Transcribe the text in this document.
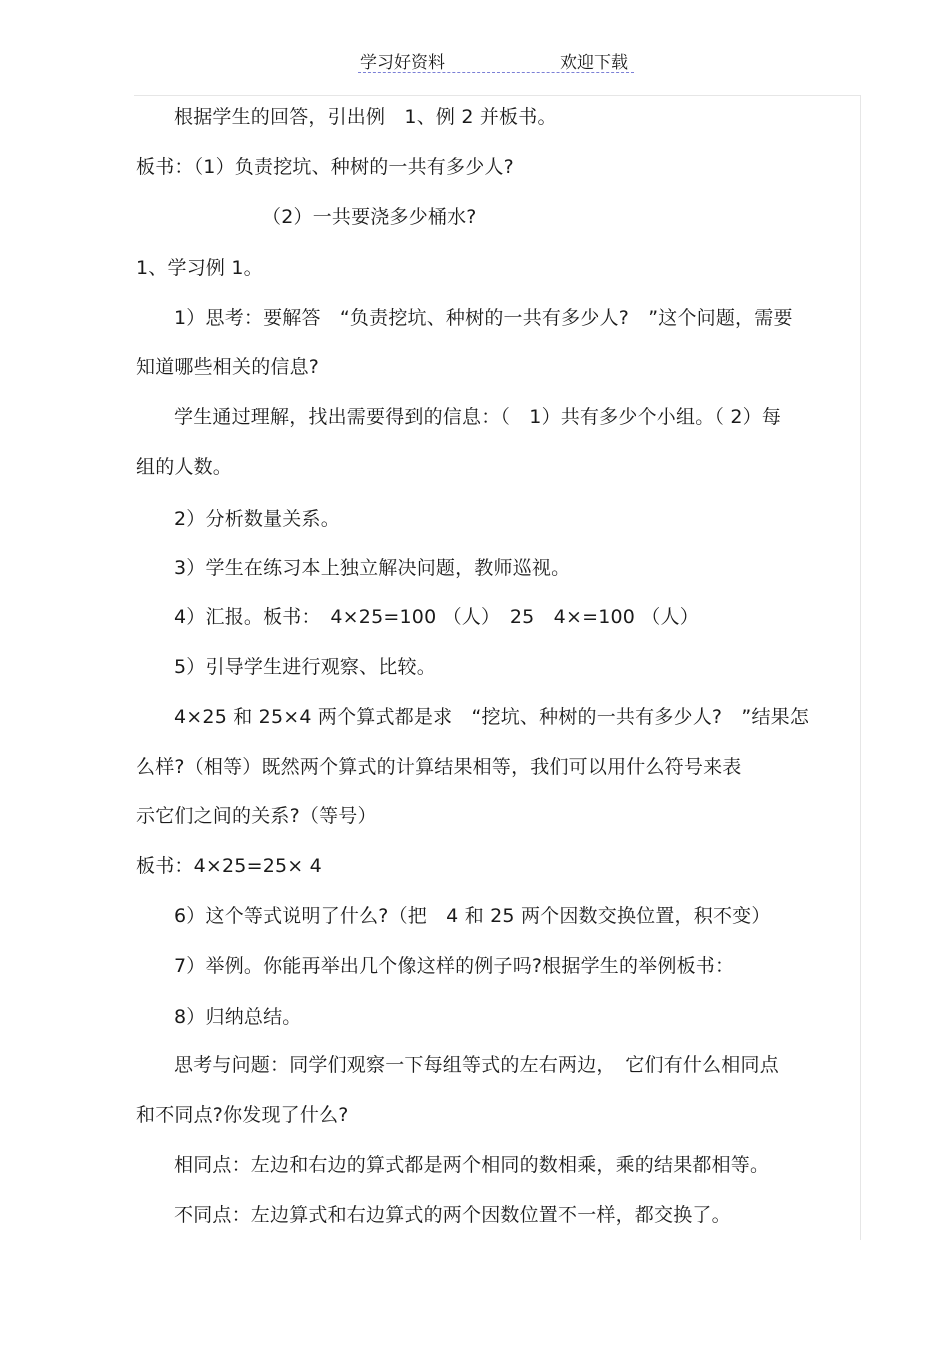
学习好资料	欢迎下载
根据学生的回答，引出例　1、例 2 并板书。
板书：（1）负责挖坑、种树的一共有多少人?
（2）一共要浇多少桶水?
1、学习例 1。
1）思考：要解答　“负责挖坑、种树的一共有多少人?　”这个问题，需要
知道哪些相关的信息?
学生通过理解，找出需要得到的信息：（　1）共有多少个小组。（ 2）每
组的人数。
2）分析数量关系。
3）学生在练习本上独立解决问题，教师巡视。
4）汇报。板书：　4×25=100 （人）　25　4×=100 （人）
5）引导学生进行观察、比较。
4×25 和 25×4 两个算式都是求　“挖坑、种树的一共有多少人?　”结果怎
么样?（相等）既然两个算式的计算结果相等，我们可以用什么符号来表
示它们之间的关系?（等号）
板书：4×25=25× 4
6）这个等式说明了什么?（把　4 和 25 两个因数交换位置，积不变）
7）举例。你能再举出几个像这样的例子吗?根据学生的举例板书：
8）归纳总结。
思考与问题：同学们观察一下每组等式的左右两边，　它们有什么相同点
和不同点?你发现了什么?
相同点：左边和右边的算式都是两个相同的数相乘，乘的结果都相等。
不同点：左边算式和右边算式的两个因数位置不一样，都交换了。
